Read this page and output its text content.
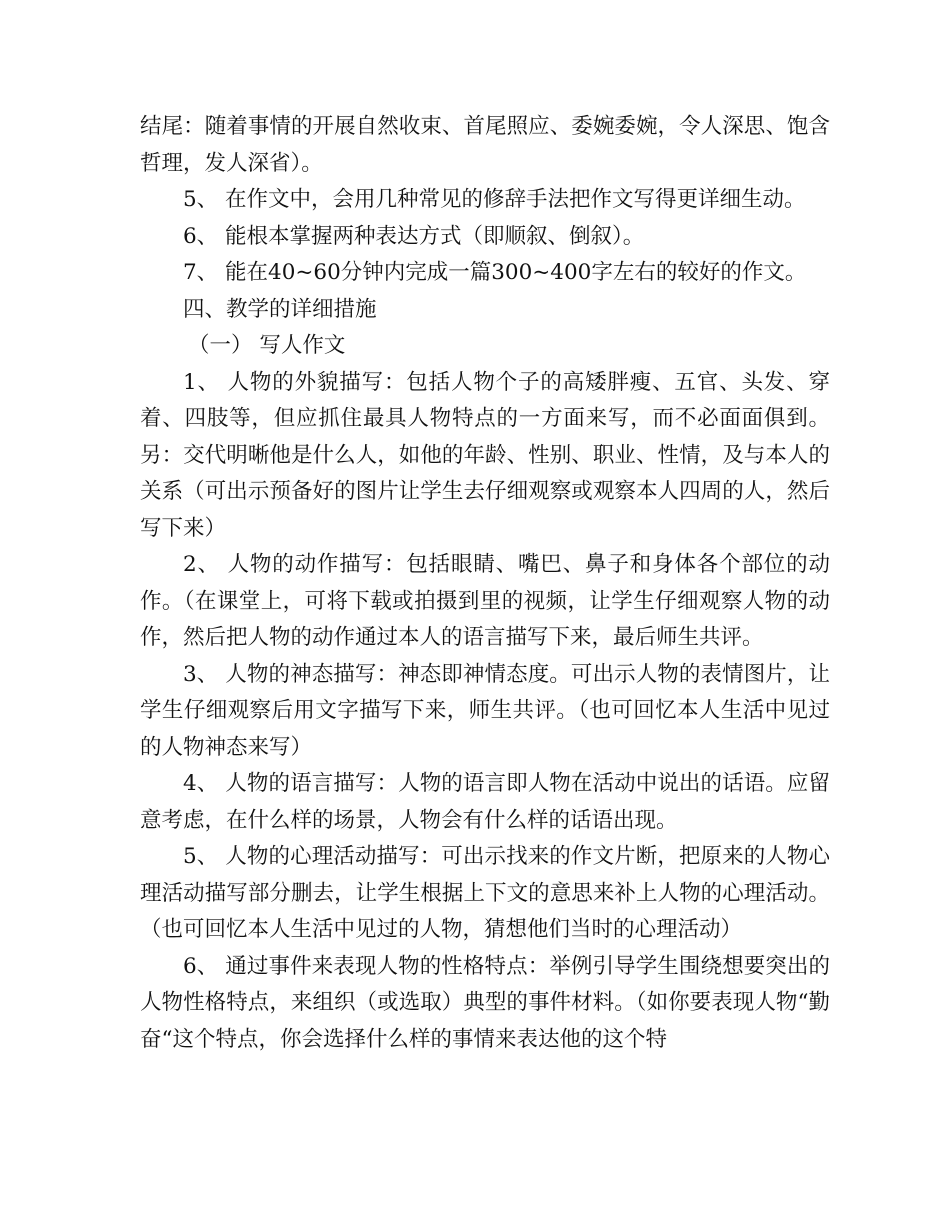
结尾：随着事情的开展自然收束、首尾照应、委婉委婉，令人深思、饱含哲理，发人深省）。

5、 在作文中，会用几种常见的修辞手法把作文写得更详细生动。

6、 能根本掌握两种表达方式（即顺叙、倒叙）。

7、 能在40~60分钟内完成一篇300~400字左右的较好的作文。

四、教学的详细措施

（一） 写人作文

1、 人物的外貌描写：包括人物个子的高矮胖瘦、五官、头发、穿着、四肢等，但应抓住最具人物特点的一方面来写，而不必面面俱到。另：交代明晰他是什么人，如他的年龄、性别、职业、性情，及与本人的关系（可出示预备好的图片让学生去仔细观察或观察本人四周的人，然后写下来）

2、 人物的动作描写：包括眼睛、嘴巴、鼻子和身体各个部位的动作。（在课堂上，可将下载或拍摄到里的视频，让学生仔细观察人物的动作，然后把人物的动作通过本人的语言描写下来，最后师生共评。

3、 人物的神态描写：神态即神情态度。可出示人物的表情图片，让学生仔细观察后用文字描写下来，师生共评。（也可回忆本人生活中见过的人物神态来写）

4、 人物的语言描写：人物的语言即人物在活动中说出的话语。应留意考虑，在什么样的场景，人物会有什么样的话语出现。

5、 人物的心理活动描写：可出示找来的作文片断，把原来的人物心理活动描写部分删去，让学生根据上下文的意思来补上人物的心理活动。（也可回忆本人生活中见过的人物，猜想他们当时的心理活动）

6、 通过事件来表现人物的性格特点：举例引导学生围绕想要突出的人物性格特点，来组织（或选取）典型的事件材料。（如你要表现人物“勤奋“这个特点，你会选择什么样的事情来表达他的这个特
